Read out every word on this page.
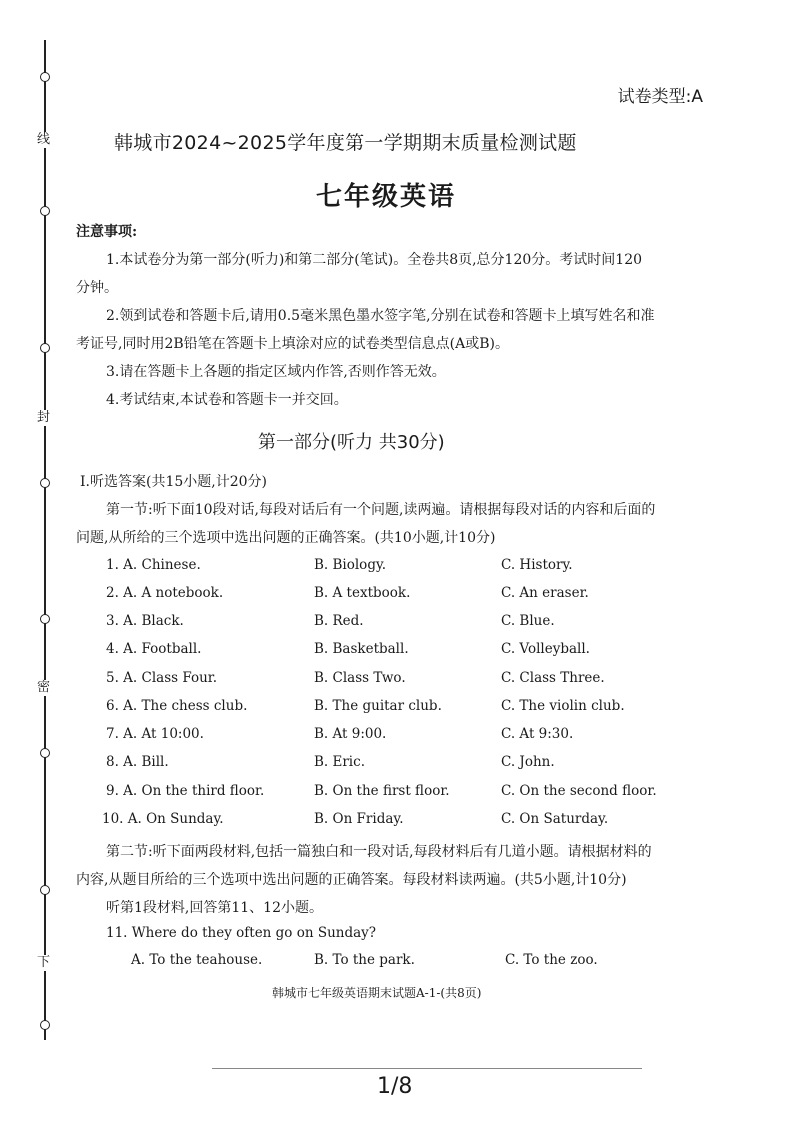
线
封
密
下
试卷类型:A
韩城市2024~2025学年度第一学期期末质量检测试题
七年级英语
注意事项:
1.本试卷分为第一部分(听力)和第二部分(笔试)。全卷共8页,总分120分。考试时间120
分钟。
2.领到试卷和答题卡后,请用0.5毫米黑色墨水签字笔,分别在试卷和答题卡上填写姓名和准
考证号,同时用2B铅笔在答题卡上填涂对应的试卷类型信息点(A或B)。
3.请在答题卡上各题的指定区域内作答,否则作答无效。
4.考试结束,本试卷和答题卡一并交回。
第一部分(听力 共30分)
Ⅰ.听选答案(共15小题,计20分)
第一节:听下面10段对话,每段对话后有一个问题,读两遍。请根据每段对话的内容和后面的
问题,从所给的三个选项中选出问题的正确答案。(共10小题,计10分)
1. A. Chinese.	B. Biology.	C. History.
2. A. A notebook.	B. A textbook.	C. An eraser.
3. A. Black.	B. Red.	C. Blue.
4. A. Football.	B. Basketball.	C. Volleyball.
5. A. Class Four.	B. Class Two.	C. Class Three.
6. A. The chess club.	B. The guitar club.	C. The violin club.
7. A. At 10:00.	B. At 9:00.	C. At 9:30.
8. A. Bill.	B. Eric.	C. John.
9. A. On the third floor.	B. On the first floor.	C. On the second floor.
10. A. On Sunday.	B. On Friday.	C. On Saturday.
第二节:听下面两段材料,包括一篇独白和一段对话,每段材料后有几道小题。请根据材料的
内容,从题目所给的三个选项中选出问题的正确答案。每段材料读两遍。(共5小题,计10分)
听第1段材料,回答第11、12小题。
11. Where do they often go on Sunday?
A. To the teahouse.	B. To the park.	C. To the zoo.
韩城市七年级英语期末试题A-1-(共8页)
1/8
